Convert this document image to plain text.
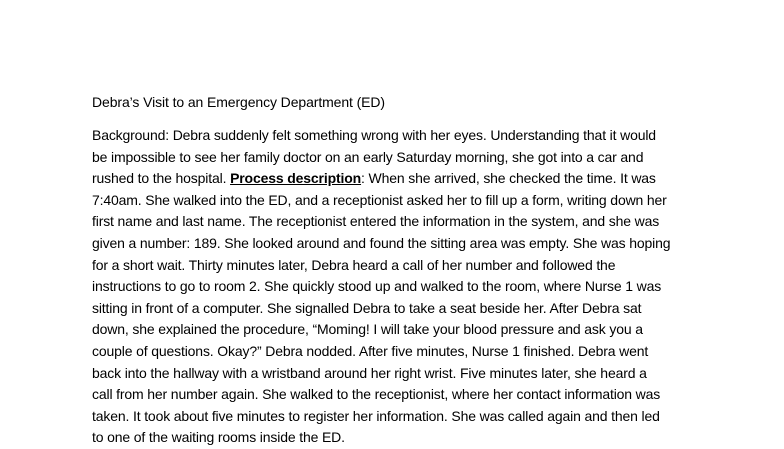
Debra’s Visit to an Emergency Department (ED)
Background: Debra suddenly felt something wrong with her eyes. Understanding that it would
be impossible to see her family doctor on an early Saturday morning, she got into a car and
rushed to the hospital. Process description: When she arrived, she checked the time. It was
7:40am. She walked into the ED, and a receptionist asked her to fill up a form, writing down her
first name and last name. The receptionist entered the information in the system, and she was
given a number: 189. She looked around and found the sitting area was empty. She was hoping
for a short wait. Thirty minutes later, Debra heard a call of her number and followed the
instructions to go to room 2. She quickly stood up and walked to the room, where Nurse 1 was
sitting in front of a computer. She signalled Debra to take a seat beside her. After Debra sat
down, she explained the procedure, “Moming! I will take your blood pressure and ask you a
couple of questions. Okay?” Debra nodded. After five minutes, Nurse 1 finished. Debra went
back into the hallway with a wristband around her right wrist. Five minutes later, she heard a
call from her number again. She walked to the receptionist, where her contact information was
taken. It took about five minutes to register her information. She was called again and then led
to one of the waiting rooms inside the ED.
